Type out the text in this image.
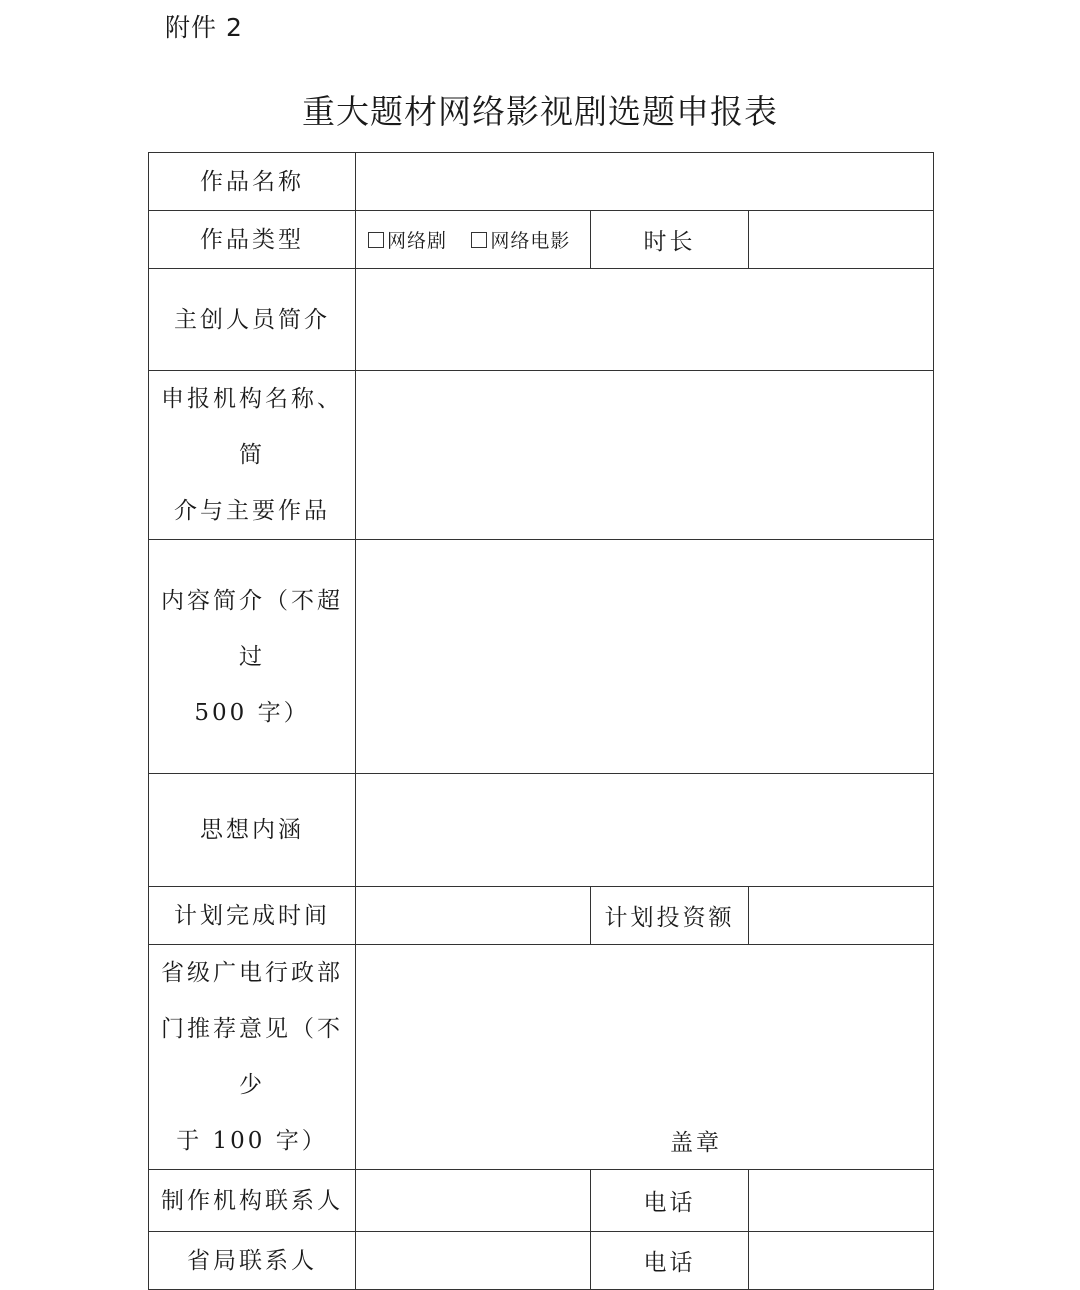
附件 2
重大题材网络影视剧选题申报表
作品名称			
作品类型	网络剧 网络电影	时长	
主创人员简介			

申报机构名称、简
介与主要作品			

内容简介（不超过
500 字）			

思想内涵			
计划完成时间		计划投资额	

省级广电行政部
门推荐意见（不少
于 100 字）	盖章		

制作机构联系人		电话	
省局联系人		电话	
